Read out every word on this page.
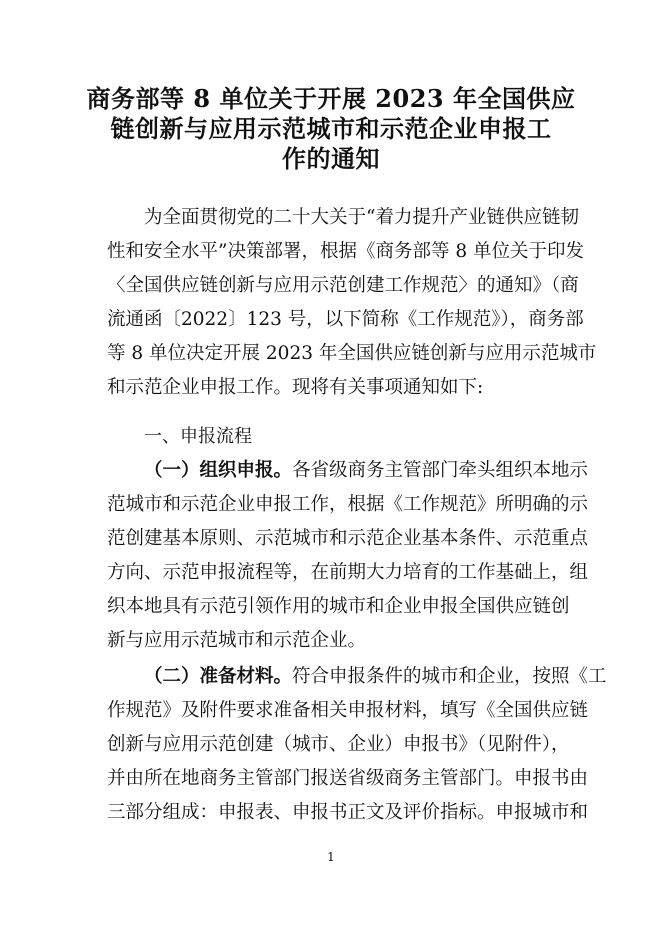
商务部等 8 单位关于开展 2023 年全国供应
链创新与应用示范城市和示范企业申报工
作的通知
为全面贯彻党的二十大关于“着力提升产业链供应链韧
性和安全水平”决策部署，根据《商务部等 8 单位关于印发
〈全国供应链创新与应用示范创建工作规范〉的通知》（商
流通函〔2022〕123 号，以下简称《工作规范》），商务部
等 8 单位决定开展 2023 年全国供应链创新与应用示范城市
和示范企业申报工作。现将有关事项通知如下:
一、申报流程
（一）组织申报。各省级商务主管部门牵头组织本地示
范城市和示范企业申报工作，根据《工作规范》所明确的示
范创建基本原则、示范城市和示范企业基本条件、示范重点
方向、示范申报流程等，在前期大力培育的工作基础上，组
织本地具有示范引领作用的城市和企业申报全国供应链创
新与应用示范城市和示范企业。
（二）准备材料。符合申报条件的城市和企业，按照《工
作规范》及附件要求准备相关申报材料，填写《全国供应链
创新与应用示范创建（城市、企业）申报书》（见附件），
并由所在地商务主管部门报送省级商务主管部门。申报书由
三部分组成：申报表、申报书正文及评价指标。申报城市和
1
